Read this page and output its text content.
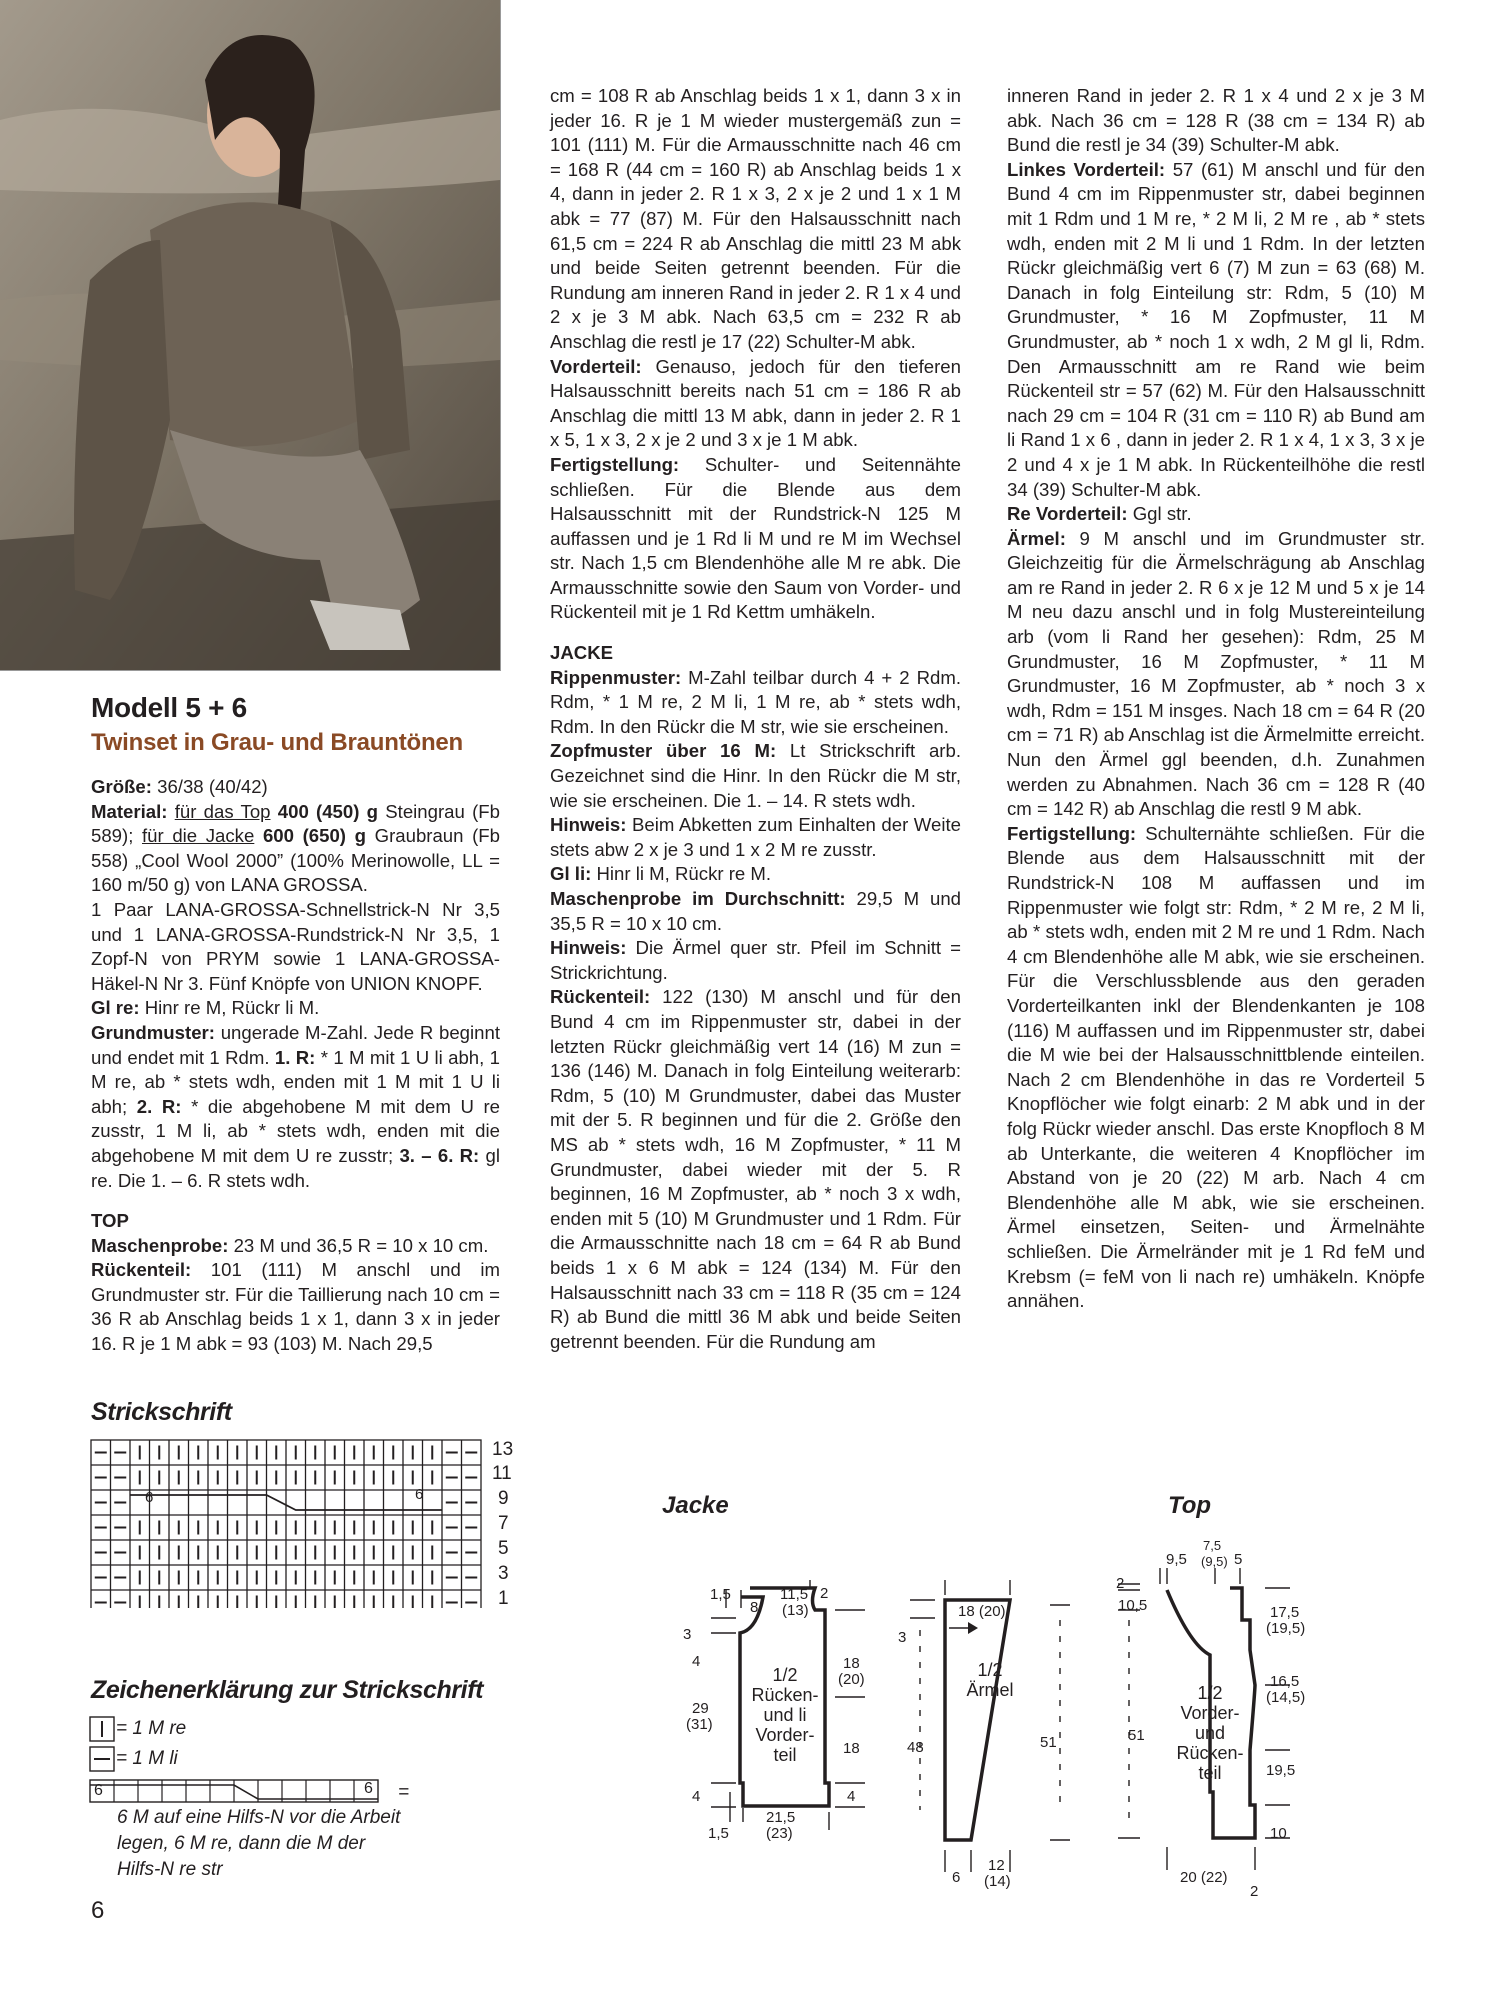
Modell 5 + 6
Twinset in Grau- und Brauntönen

Größe: 36/38 (40/42)

Material: für das Top 400 (450) g Steingrau (Fb 589); für die Jacke 600 (650) g Graubraun (Fb 558) „Cool Wool 2000” (100% Merinowolle, LL = 160 m/50 g) von LANA GROSSA.

1 Paar LANA-GROSSA-Schnellstrick-N Nr 3,5 und 1 LANA-GROSSA-Rundstrick-N Nr 3,5, 1 Zopf-N von PRYM sowie 1 LANA-GROSSA-Häkel-N Nr 3. Fünf Knöpfe von UNION KNOPF.

Gl re: Hinr re M, Rückr li M.

Grundmuster: ungerade M-Zahl. Jede R beginnt und endet mit 1 Rdm. 1. R: * 1 M mit 1 U li abh, 1 M re, ab * stets wdh, enden mit 1 M mit 1 U li abh; 2. R: * die abgehobene M mit dem U re zusstr, 1 M li, ab * stets wdh, enden mit die abgehobene M mit dem U re zusstr; 3. – 6. R: gl re. Die 1. – 6. R stets wdh.

TOP

Maschenprobe: 23 M und 36,5 R = 10 x 10 cm.

Rückenteil: 101 (111) M anschl und im Grundmuster str. Für die Taillierung nach 10 cm = 36 R ab Anschlag beids 1 x 1, dann 3 x in jeder 16. R je 1 M abk = 93 (103) M. Nach 29,5

cm = 108 R ab Anschlag beids 1 x 1, dann 3 x in jeder 16. R je 1 M wieder mustergemäß zun = 101 (111) M. Für die Armausschnitte nach 46 cm = 168 R (44 cm = 160 R) ab Anschlag beids 1 x 4, dann in jeder 2. R 1 x 3, 2 x je 2 und 1 x 1 M abk = 77 (87) M. Für den Halsausschnitt nach 61,5 cm = 224 R ab Anschlag die mittl 23 M abk und beide Seiten getrennt beenden. Für die Rundung am inneren Rand in jeder 2. R 1 x 4 und 2 x je 3 M abk. Nach 63,5 cm = 232 R ab Anschlag die restl je 17 (22) Schulter-M abk.

Vorderteil: Genauso, jedoch für den tieferen Halsausschnitt bereits nach 51 cm = 186 R ab Anschlag die mittl 13 M abk, dann in jeder 2. R 1 x 5, 1 x 3, 2 x je 2 und 3 x je 1 M abk.

Fertigstellung: Schulter- und Seitennähte schließen. Für die Blende aus dem Halsausschnitt mit der Rundstrick-N 125 M auffassen und je 1 Rd li M und re M im Wechsel str. Nach 1,5 cm Blendenhöhe alle M re abk. Die Armausschnitte sowie den Saum von Vorder- und Rückenteil mit je 1 Rd Kettm umhäkeln.

JACKE

Rippenmuster: M-Zahl teilbar durch 4 + 2 Rdm. Rdm, * 1 M re, 2 M li, 1 M re, ab * stets wdh, Rdm. In den Rückr die M str, wie sie erscheinen.

Zopfmuster über 16 M: Lt Strickschrift arb. Gezeichnet sind die Hinr. In den Rückr die M str, wie sie erscheinen. Die 1. – 14. R stets wdh.

Hinweis: Beim Abketten zum Einhalten der Weite stets abw 2 x je 3 und 1 x 2 M re zusstr.

Gl li: Hinr li M, Rückr re M.

Maschenprobe im Durchschnitt: 29,5 M und 35,5 R = 10 x 10 cm.

Hinweis: Die Ärmel quer str. Pfeil im Schnitt = Strickrichtung.

Rückenteil: 122 (130) M anschl und für den Bund 4 cm im Rippenmuster str, dabei in der letzten Rückr gleichmäßig vert 14 (16) M zun = 136 (146) M. Danach in folg Einteilung weiterarb: Rdm, 5 (10) M Grundmuster, dabei das Muster mit der 5. R beginnen und für die 2. Größe den MS ab * stets wdh, 16 M Zopfmuster, * 11 M Grundmuster, dabei wieder mit der 5. R beginnen, 16 M Zopfmuster, ab * noch 3 x wdh, enden mit 5 (10) M Grundmuster und 1 Rdm. Für die Armausschnitte nach 18 cm = 64 R ab Bund beids 1 x 6 M abk = 124 (134) M. Für den Halsausschnitt nach 33 cm = 118 R (35 cm = 124 R) ab Bund die mittl 36 M abk und beide Seiten getrennt beenden. Für die Rundung am

inneren Rand in jeder 2. R 1 x 4 und 2 x je 3 M abk. Nach 36 cm = 128 R (38 cm = 134 R) ab Bund die restl je 34 (39) Schulter-M abk.

Linkes Vorderteil: 57 (61) M anschl und für den Bund 4 cm im Rippenmuster str, dabei beginnen mit 1 Rdm und 1 M re, * 2 M li, 2 M re , ab * stets wdh, enden mit 2 M li und 1 Rdm. In der letzten Rückr gleichmäßig vert 6 (7) M zun = 63 (68) M. Danach in folg Einteilung str: Rdm, 5 (10) M Grundmuster, * 16 M Zopfmuster, 11 M Grundmuster, ab * noch 1 x wdh, 2 M gl li, Rdm. Den Armausschnitt am re Rand wie beim Rückenteil str = 57 (62) M. Für den Halsausschnitt nach 29 cm = 104 R (31 cm = 110 R) ab Bund am li Rand 1 x 6 , dann in jeder 2. R 1 x 4, 1 x 3, 3 x je 2 und 4 x je 1 M abk. In Rückenteilhöhe die restl 34 (39) Schulter-M abk.

Re Vorderteil: Ggl str.

Ärmel: 9 M anschl und im Grundmuster str. Gleichzeitig für die Ärmelschrägung ab Anschlag am re Rand in jeder 2. R 6 x je 12 M und 5 x je 14 M neu dazu anschl und in folg Mustereinteilung arb (vom li Rand her gesehen): Rdm, 25 M Grundmuster, 16 M Zopfmuster, * 11 M Grundmuster, 16 M Zopfmuster, ab * noch 3 x wdh, Rdm = 151 M insges. Nach 18 cm = 64 R (20 cm = 71 R) ab Anschlag ist die Ärmelmitte erreicht. Nun den Ärmel ggl beenden, d.h. Zunahmen werden zu Abnahmen. Nach 36 cm = 128 R (40 cm = 142 R) ab Anschlag die restl 9 M abk.

Fertigstellung: Schulternähte schließen. Für die Blende aus dem Halsausschnitt mit der Rundstrick-N 108 M auffassen und im Rippenmuster wie folgt str: Rdm, * 2 M re, 2 M li, ab * stets wdh, enden mit 2 M re und 1 Rdm. Nach 4 cm Blendenhöhe alle M abk, wie sie erscheinen. Für die Verschlussblende aus den geraden Vorderteilkanten inkl der Blendenkanten je 108 (116) M auffassen und im Rippenmuster str, dabei die M wie bei der Halsausschnittblende einteilen. Nach 2 cm Blendenhöhe in das re Vorderteil 5 Knopflöcher wie folgt einarb: 2 M abk und in der folg Rückr wieder anschl. Das erste Knopfloch 8 M ab Unterkante, die weiteren 4 Knopflöcher im Abstand von je 20 (22) M arb. Nach 4 cm Blendenhöhe alle M abk, wie sie erscheinen. Ärmel einsetzen, Seiten- und Ärmelnähte schließen. Die Ärmelränder mit je 1 Rd feM und Krebsm (= feM von li nach re) umhäkeln. Knöpfe annähen.

Strickschrift
13
11
9
7
5
3
1
6	6
Zeichenerklärung zur Strickschrift
= 1 M re
= 1 M li
6	6 =
6 M auf eine Hilfs-N vor die Arbeit
legen, 6 M re, dann die M der
Hilfs-N re str
Jacke	Top
1,5
8
11,5
(13)
2
3
4
29
(31)
4
1,5
18
(20)
18
4
21,5
(23)
1/2
Rücken-
und li
Vorder-
teil
18 (20)
3
48	51
6
12
(14)
1/2
Ärmel
9,5
7,5
(9,5) 5
2
10,5	17,5
(19,5)
16,5
(14,5)
51
19,5
10
20 (22)
2
1/2
Vorder-
und
Rücken-
teil
6
